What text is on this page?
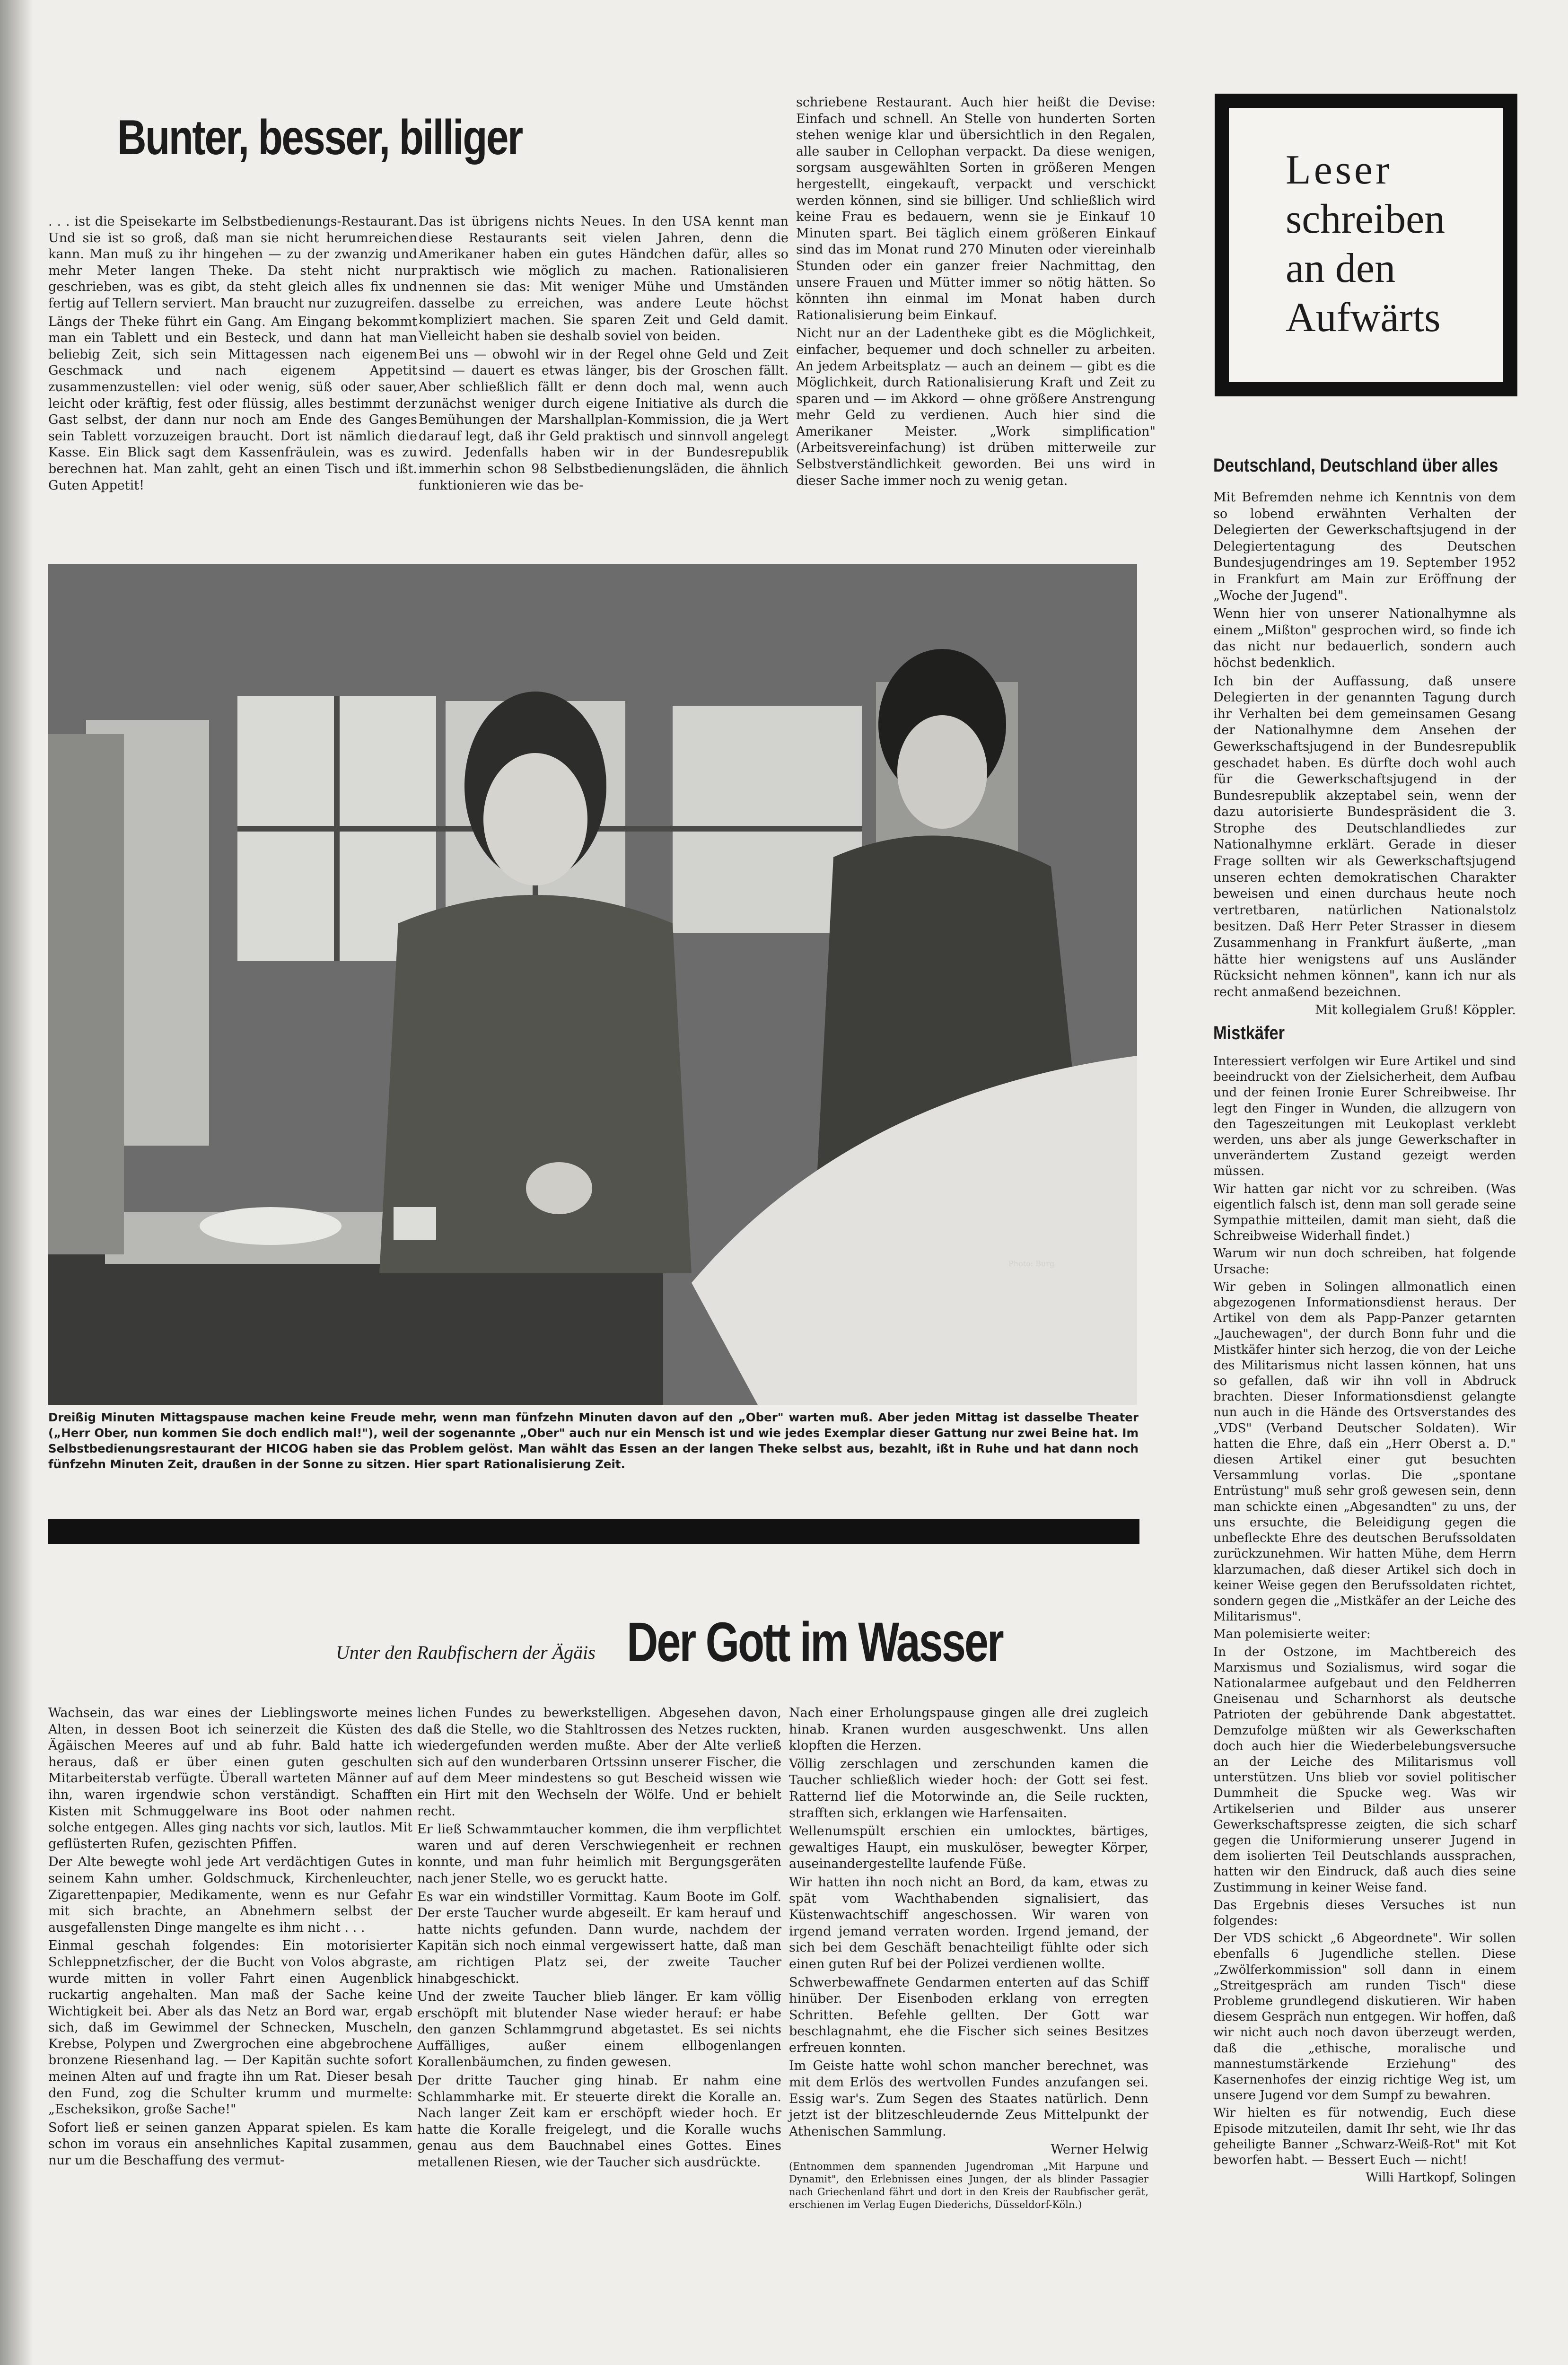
Bunter, besser, billiger

. . . ist die Speisekarte im Selbstbedienungs-Restaurant. Und sie ist so groß, daß man sie nicht herumreichen kann. Man muß zu ihr hingehen — zu der zwanzig und mehr Meter langen Theke. Da steht nicht nur geschrieben, was es gibt, da steht gleich alles fix und fertig auf Tellern serviert. Man braucht nur zuzugreifen.

Längs der Theke führt ein Gang. Am Eingang bekommt man ein Tablett und ein Besteck, und dann hat man beliebig Zeit, sich sein Mittagessen nach eigenem Geschmack und nach eigenem Appetit zusammenzustellen: viel oder wenig, süß oder sauer, leicht oder kräftig, fest oder flüssig, alles bestimmt der Gast selbst, der dann nur noch am Ende des Ganges sein Tablett vorzuzeigen braucht. Dort ist nämlich die Kasse. Ein Blick sagt dem Kassenfräulein, was es zu berechnen hat. Man zahlt, geht an einen Tisch und ißt. Guten Appetit!

Das ist übrigens nichts Neues. In den USA kennt man diese Restaurants seit vielen Jahren, denn die Amerikaner haben ein gutes Händchen dafür, alles so praktisch wie möglich zu machen. Rationalisieren nennen sie das: Mit weniger Mühe und Umständen dasselbe zu erreichen, was andere Leute höchst kompliziert machen. Sie sparen Zeit und Geld damit. Vielleicht haben sie deshalb soviel von beiden.

Bei uns — obwohl wir in der Regel ohne Geld und Zeit sind — dauert es etwas länger, bis der Groschen fällt. Aber schließlich fällt er denn doch mal, wenn auch zunächst weniger durch eigene Initiative als durch die Bemühungen der Marshallplan-Kommission, die ja Wert darauf legt, daß ihr Geld praktisch und sinnvoll angelegt wird. Jedenfalls haben wir in der Bundesrepublik immerhin schon 98 Selbstbedienungsläden, die ähnlich funktionieren wie das be-

schriebene Restaurant. Auch hier heißt die Devise: Einfach und schnell. An Stelle von hunderten Sorten stehen wenige klar und übersichtlich in den Regalen, alle sauber in Cellophan verpackt. Da diese wenigen, sorgsam ausgewählten Sorten in größeren Mengen hergestellt, eingekauft, verpackt und verschickt werden können, sind sie billiger. Und schließlich wird keine Frau es bedauern, wenn sie je Einkauf 10 Minuten spart. Bei täglich einem größeren Einkauf sind das im Monat rund 270 Minuten oder viereinhalb Stunden oder ein ganzer freier Nachmittag, den unsere Frauen und Mütter immer so nötig hätten. So könnten ihn einmal im Monat haben durch Rationalisierung beim Einkauf.

Nicht nur an der Ladentheke gibt es die Möglichkeit, einfacher, bequemer und doch schneller zu arbeiten. An jedem Arbeitsplatz — auch an deinem — gibt es die Möglichkeit, durch Rationalisierung Kraft und Zeit zu sparen und — im Akkord — ohne größere Anstrengung mehr Geld zu verdienen. Auch hier sind die Amerikaner Meister. „Work simplification" (Arbeitsvereinfachung) ist drüben mitterweile zur Selbstverständlichkeit geworden. Bei uns wird in dieser Sache immer noch zu wenig getan.

Photo: Burg
Dreißig Minuten Mittagspause machen keine Freude mehr, wenn man fünfzehn Minuten davon auf den „Ober" warten muß. Aber jeden Mittag ist dasselbe Theater („Herr Ober, nun kommen Sie doch endlich mal!"), weil der sogenannte „Ober" auch nur ein Mensch ist und wie jedes Exemplar dieser Gattung nur zwei Beine hat. Im Selbstbedienungsrestaurant der HICOG haben sie das Problem gelöst. Man wählt das Essen an der langen Theke selbst aus, bezahlt, ißt in Ruhe und hat dann noch fünfzehn Minuten Zeit, draußen in der Sonne zu sitzen. Hier spart Rationalisierung Zeit.
Unter den Raubfischern der Ägäis Der Gott im Wasser

Wachsein, das war eines der Lieblingsworte meines Alten, in dessen Boot ich seinerzeit die Küsten des Ägäischen Meeres auf und ab fuhr. Bald hatte ich heraus, daß er über einen guten geschulten Mitarbeiterstab verfügte. Überall warteten Männer auf ihn, waren irgendwie schon verständigt. Schafften Kisten mit Schmuggelware ins Boot oder nahmen solche entgegen. Alles ging nachts vor sich, lautlos. Mit geflüsterten Rufen, gezischten Pfiffen.

Der Alte bewegte wohl jede Art verdächtigen Gutes in seinem Kahn umher. Goldschmuck, Kirchenleuchter, Zigarettenpapier, Medikamente, wenn es nur Gefahr mit sich brachte, an Abnehmern selbst der ausgefallensten Dinge mangelte es ihm nicht . . .

Einmal geschah folgendes: Ein motorisierter Schleppnetzfischer, der die Bucht von Volos abgraste, wurde mitten in voller Fahrt einen Augenblick ruckartig angehalten. Man maß der Sache keine Wichtigkeit bei. Aber als das Netz an Bord war, ergab sich, daß im Gewimmel der Schnecken, Muscheln, Krebse, Polypen und Zwergrochen eine abgebrochene bronzene Riesenhand lag. — Der Kapitän suchte sofort meinen Alten auf und fragte ihn um Rat. Dieser besah den Fund, zog die Schulter krumm und murmelte: „Escheksikon, große Sache!"

Sofort ließ er seinen ganzen Apparat spielen. Es kam schon im voraus ein ansehnliches Kapital zusammen, nur um die Beschaffung des vermut-

lichen Fundes zu bewerkstelligen. Abgesehen davon, daß die Stelle, wo die Stahltrossen des Netzes ruckten, wiedergefunden werden mußte. Aber der Alte verließ sich auf den wunderbaren Ortssinn unserer Fischer, die auf dem Meer mindestens so gut Bescheid wissen wie ein Hirt mit den Wechseln der Wölfe. Und er behielt recht.

Er ließ Schwammtaucher kommen, die ihm verpflichtet waren und auf deren Verschwiegenheit er rechnen konnte, und man fuhr heimlich mit Bergungsgeräten nach jener Stelle, wo es geruckt hatte.

Es war ein windstiller Vormittag. Kaum Boote im Golf. Der erste Taucher wurde abgeseilt. Er kam herauf und hatte nichts gefunden. Dann wurde, nachdem der Kapitän sich noch einmal vergewissert hatte, daß man am richtigen Platz sei, der zweite Taucher hinabgeschickt.

Und der zweite Taucher blieb länger. Er kam völlig erschöpft mit blutender Nase wieder herauf: er habe den ganzen Schlammgrund abgetastet. Es sei nichts Auffälliges, außer einem ellbogenlangen Korallenbäumchen, zu finden gewesen.

Der dritte Taucher ging hinab. Er nahm eine Schlammharke mit. Er steuerte direkt die Koralle an. Nach langer Zeit kam er erschöpft wieder hoch. Er hatte die Koralle freigelegt, und die Koralle wuchs genau aus dem Bauchnabel eines Gottes. Eines metallenen Riesen, wie der Taucher sich ausdrückte.

Nach einer Erholungspause gingen alle drei zugleich hinab. Kranen wurden ausgeschwenkt. Uns allen klopften die Herzen.

Völlig zerschlagen und zerschunden kamen die Taucher schließlich wieder hoch: der Gott sei fest. Ratternd lief die Motorwinde an, die Seile ruckten, strafften sich, erklangen wie Harfensaiten.

Wellenumspült erschien ein umlocktes, bärtiges, gewaltiges Haupt, ein muskulöser, bewegter Körper, auseinandergestellte laufende Füße.

Wir hatten ihn noch nicht an Bord, da kam, etwas zu spät vom Wachthabenden signalisiert, das Küstenwachtschiff angeschossen. Wir waren von irgend jemand verraten worden. Irgend jemand, der sich bei dem Geschäft benachteiligt fühlte oder sich einen guten Ruf bei der Polizei verdienen wollte.

Schwerbewaffnete Gendarmen enterten auf das Schiff hinüber. Der Eisenboden erklang von erregten Schritten. Befehle gellten. Der Gott war beschlagnahmt, ehe die Fischer sich seines Besitzes erfreuen konnten.

Im Geiste hatte wohl schon mancher berechnet, was mit dem Erlös des wertvollen Fundes anzufangen sei. Essig war's. Zum Segen des Staates natürlich. Denn jetzt ist der blitzeschleudernde Zeus Mittelpunkt der Athenischen Sammlung.

Werner Helwig

(Entnommen dem spannenden Jugendroman „Mit Harpune und Dynamit", den Erlebnissen eines Jungen, der als blinder Passagier nach Griechenland fährt und dort in den Kreis der Raubfischer gerät, erschienen im Verlag Eugen Diederichs, Düsseldorf-Köln.)

Leser
schreiben
an den
Aufwärts
Deutschland, Deutschland über alles

Mit Befremden nehme ich Kenntnis von dem so lobend erwähnten Verhalten der Delegierten der Gewerkschaftsjugend in der Delegiertentagung des Deutschen Bundesjugendringes am 19. September 1952 in Frankfurt am Main zur Eröffnung der „Woche der Jugend".

Wenn hier von unserer Nationalhymne als einem „Mißton" gesprochen wird, so finde ich das nicht nur bedauerlich, sondern auch höchst bedenklich.

Ich bin der Auffassung, daß unsere Delegierten in der genannten Tagung durch ihr Verhalten bei dem gemeinsamen Gesang der Nationalhymne dem Ansehen der Gewerkschaftsjugend in der Bundesrepublik geschadet haben. Es dürfte doch wohl auch für die Gewerkschaftsjugend in der Bundesrepublik akzeptabel sein, wenn der dazu autorisierte Bundespräsident die 3. Strophe des Deutschlandliedes zur Nationalhymne erklärt. Gerade in dieser Frage sollten wir als Gewerkschaftsjugend unseren echten demokratischen Charakter beweisen und einen durchaus heute noch vertretbaren, natürlichen Nationalstolz besitzen. Daß Herr Peter Strasser in diesem Zusammenhang in Frankfurt äußerte, „man hätte hier wenigstens auf uns Ausländer Rücksicht nehmen können", kann ich nur als recht anmaßend bezeichnen.

Mit kollegialem Gruß! Köppler.

Mistkäfer

Interessiert verfolgen wir Eure Artikel und sind beeindruckt von der Zielsicherheit, dem Aufbau und der feinen Ironie Eurer Schreibweise. Ihr legt den Finger in Wunden, die allzugern von den Tageszeitungen mit Leukoplast verklebt werden, uns aber als junge Gewerkschafter in unverändertem Zustand gezeigt werden müssen.

Wir hatten gar nicht vor zu schreiben. (Was eigentlich falsch ist, denn man soll gerade seine Sympathie mitteilen, damit man sieht, daß die Schreibweise Widerhall findet.)

Warum wir nun doch schreiben, hat folgende Ursache:

Wir geben in Solingen allmonatlich einen abgezogenen Informationsdienst heraus. Der Artikel von dem als Papp-Panzer getarnten „Jauchewagen", der durch Bonn fuhr und die Mistkäfer hinter sich herzog, die von der Leiche des Militarismus nicht lassen können, hat uns so gefallen, daß wir ihn voll in Abdruck brachten. Dieser Informationsdienst gelangte nun auch in die Hände des Ortsverstandes des „VDS" (Verband Deutscher Soldaten). Wir hatten die Ehre, daß ein „Herr Oberst a. D." diesen Artikel einer gut besuchten Versammlung vorlas. Die „spontane Entrüstung" muß sehr groß gewesen sein, denn man schickte einen „Abgesandten" zu uns, der uns ersuchte, die Beleidigung gegen die unbefleckte Ehre des deutschen Berufssoldaten zurückzunehmen. Wir hatten Mühe, dem Herrn klarzumachen, daß dieser Artikel sich doch in keiner Weise gegen den Berufssoldaten richtet, sondern gegen die „Mistkäfer an der Leiche des Militarismus".

Man polemisierte weiter:

In der Ostzone, im Machtbereich des Marxismus und Sozialismus, wird sogar die Nationalarmee aufgebaut und den Feldherren Gneisenau und Scharnhorst als deutsche Patrioten der gebührende Dank abgestattet. Demzufolge müßten wir als Gewerkschaften doch auch hier die Wiederbelebungsversuche an der Leiche des Militarismus voll unterstützen. Uns blieb vor soviel politischer Dummheit die Spucke weg. Was wir Artikelserien und Bilder aus unserer Gewerkschaftspresse zeigten, die sich scharf gegen die Uniformierung unserer Jugend in dem isolierten Teil Deutschlands aussprachen, hatten wir den Eindruck, daß auch dies seine Zustimmung in keiner Weise fand.

Das Ergebnis dieses Versuches ist nun folgendes:

Der VDS schickt „6 Abgeordnete". Wir sollen ebenfalls 6 Jugendliche stellen. Diese „Zwölferkommission" soll dann in einem „Streitgespräch am runden Tisch" diese Probleme grundlegend diskutieren. Wir haben diesem Gespräch nun entgegen. Wir hoffen, daß wir nicht auch noch davon überzeugt werden, daß die „ethische, moralische und mannestumstärkende Erziehung" des Kasernenhofes der einzig richtige Weg ist, um unsere Jugend vor dem Sumpf zu bewahren.

Wir hielten es für notwendig, Euch diese Episode mitzuteilen, damit Ihr seht, wie Ihr das geheiligte Banner „Schwarz-Weiß-Rot" mit Kot beworfen habt. — Bessert Euch — nicht!

Willi Hartkopf, Solingen
